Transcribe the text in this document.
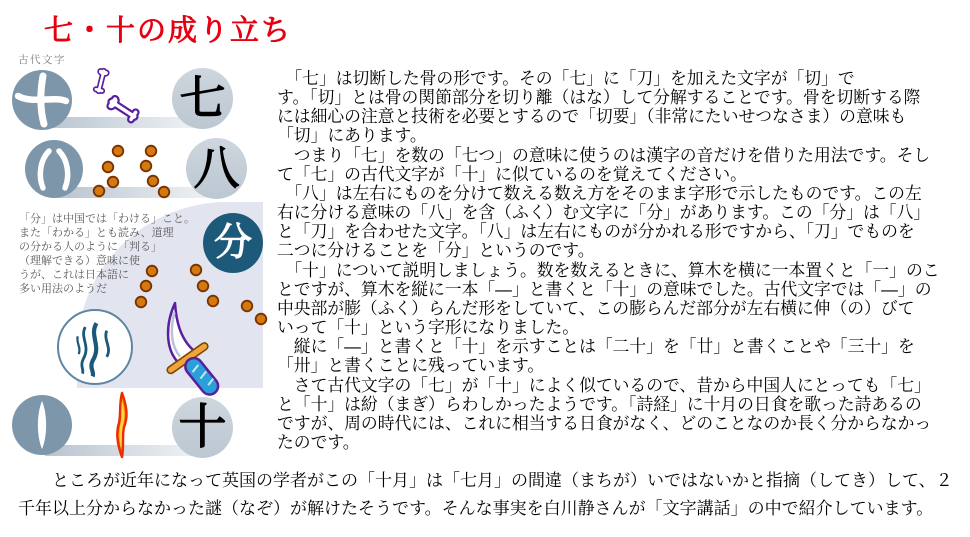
七・十の成り立ち
古代文字
「分」は中国では「わける」こと。
また「わかる」とも読み、道理
の分かる人のように「判る」
（理解できる）意味に使
うが、これは日本語に
多い用法のようだ
七
八
分
十
　「七」は切断した骨の形です。その「七」に「刀」を加えた文字が「切」で
す。「切」とは骨の関節部分を切り離（はな）して分解することです。骨を切断する際
には細心の注意と技術を必要とするので「切要」（非常にたいせつなさま）の意味も
「切」にあります。
　つまり「七」を数の「七つ」の意味に使うのは漢字の音だけを借りた用法です。そし
て「七」の古代文字が「十」に似ているのを覚えてください。
　「八」は左右にものを分けて数える数え方をそのまま字形で示したものです。この左
右に分ける意味の「八」を含（ふく）む文字に「分」があります。この「分」は「八」
と「刀」を合わせた文字。「八」は左右にものが分かれる形ですから、「刀」でものを
二つに分けることを「分」というのです。
　「十」について説明しましょう。数を数えるときに、算木を横に一本置くと「一」のこ
とですが、算木を縦に一本「―」と書くと「十」の意味でした。古代文字では「―」の
中央部が膨（ふく）らんだ形をしていて、この膨らんだ部分が左右横に伸（の）びて
いって「十」という字形になりました。
　縦に「―」と書くと「十」を示すことは「二十」を「廿」と書くことや「三十」を
「卅」と書くことに残っています。
　さて古代文字の「七」が「十」によく似ているので、昔から中国人にとっても「七」
と「十」は紛（まぎ）らわしかったようです。「詩経」に十月の日食を歌った詩あるの
ですが、周の時代には、これに相当する日食がなく、どのことなのか長く分からなかっ
たのです。
　　ところが近年になって英国の学者がこの「十月」は「七月」の間違（まちが）いではないかと指摘（してき）して、２
千年以上分からなかった謎（なぞ）が解けたそうです。そんな事実を白川静さんが「文字講話」の中で紹介しています。
